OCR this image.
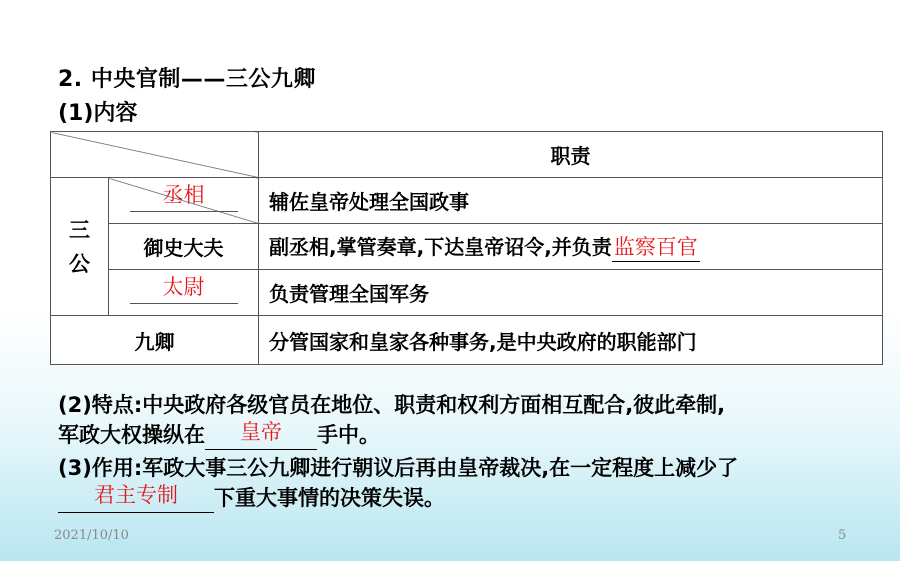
2. 中央官制——三公九卿
(1)内容
		职责
三
公	丞相	辅佐皇帝处理全国政事
	御史大夫	副丞相,掌管奏章,下达皇帝诏令,并负责监察百官

	太尉	负责管理全国军务
九卿		分管国家和皇家各种事务,是中央政府的职能部门
(2)特点:中央政府各级官员在地位、职责和权利方面相互配合,彼此牵制,
军政大权操纵在	皇帝	手中。
(3)作用:军政大事三公九卿进行朝议后再由皇帝裁决,在一定程度上减少了
君主专制	下重大事情的决策失误。
2021/10/10	5
